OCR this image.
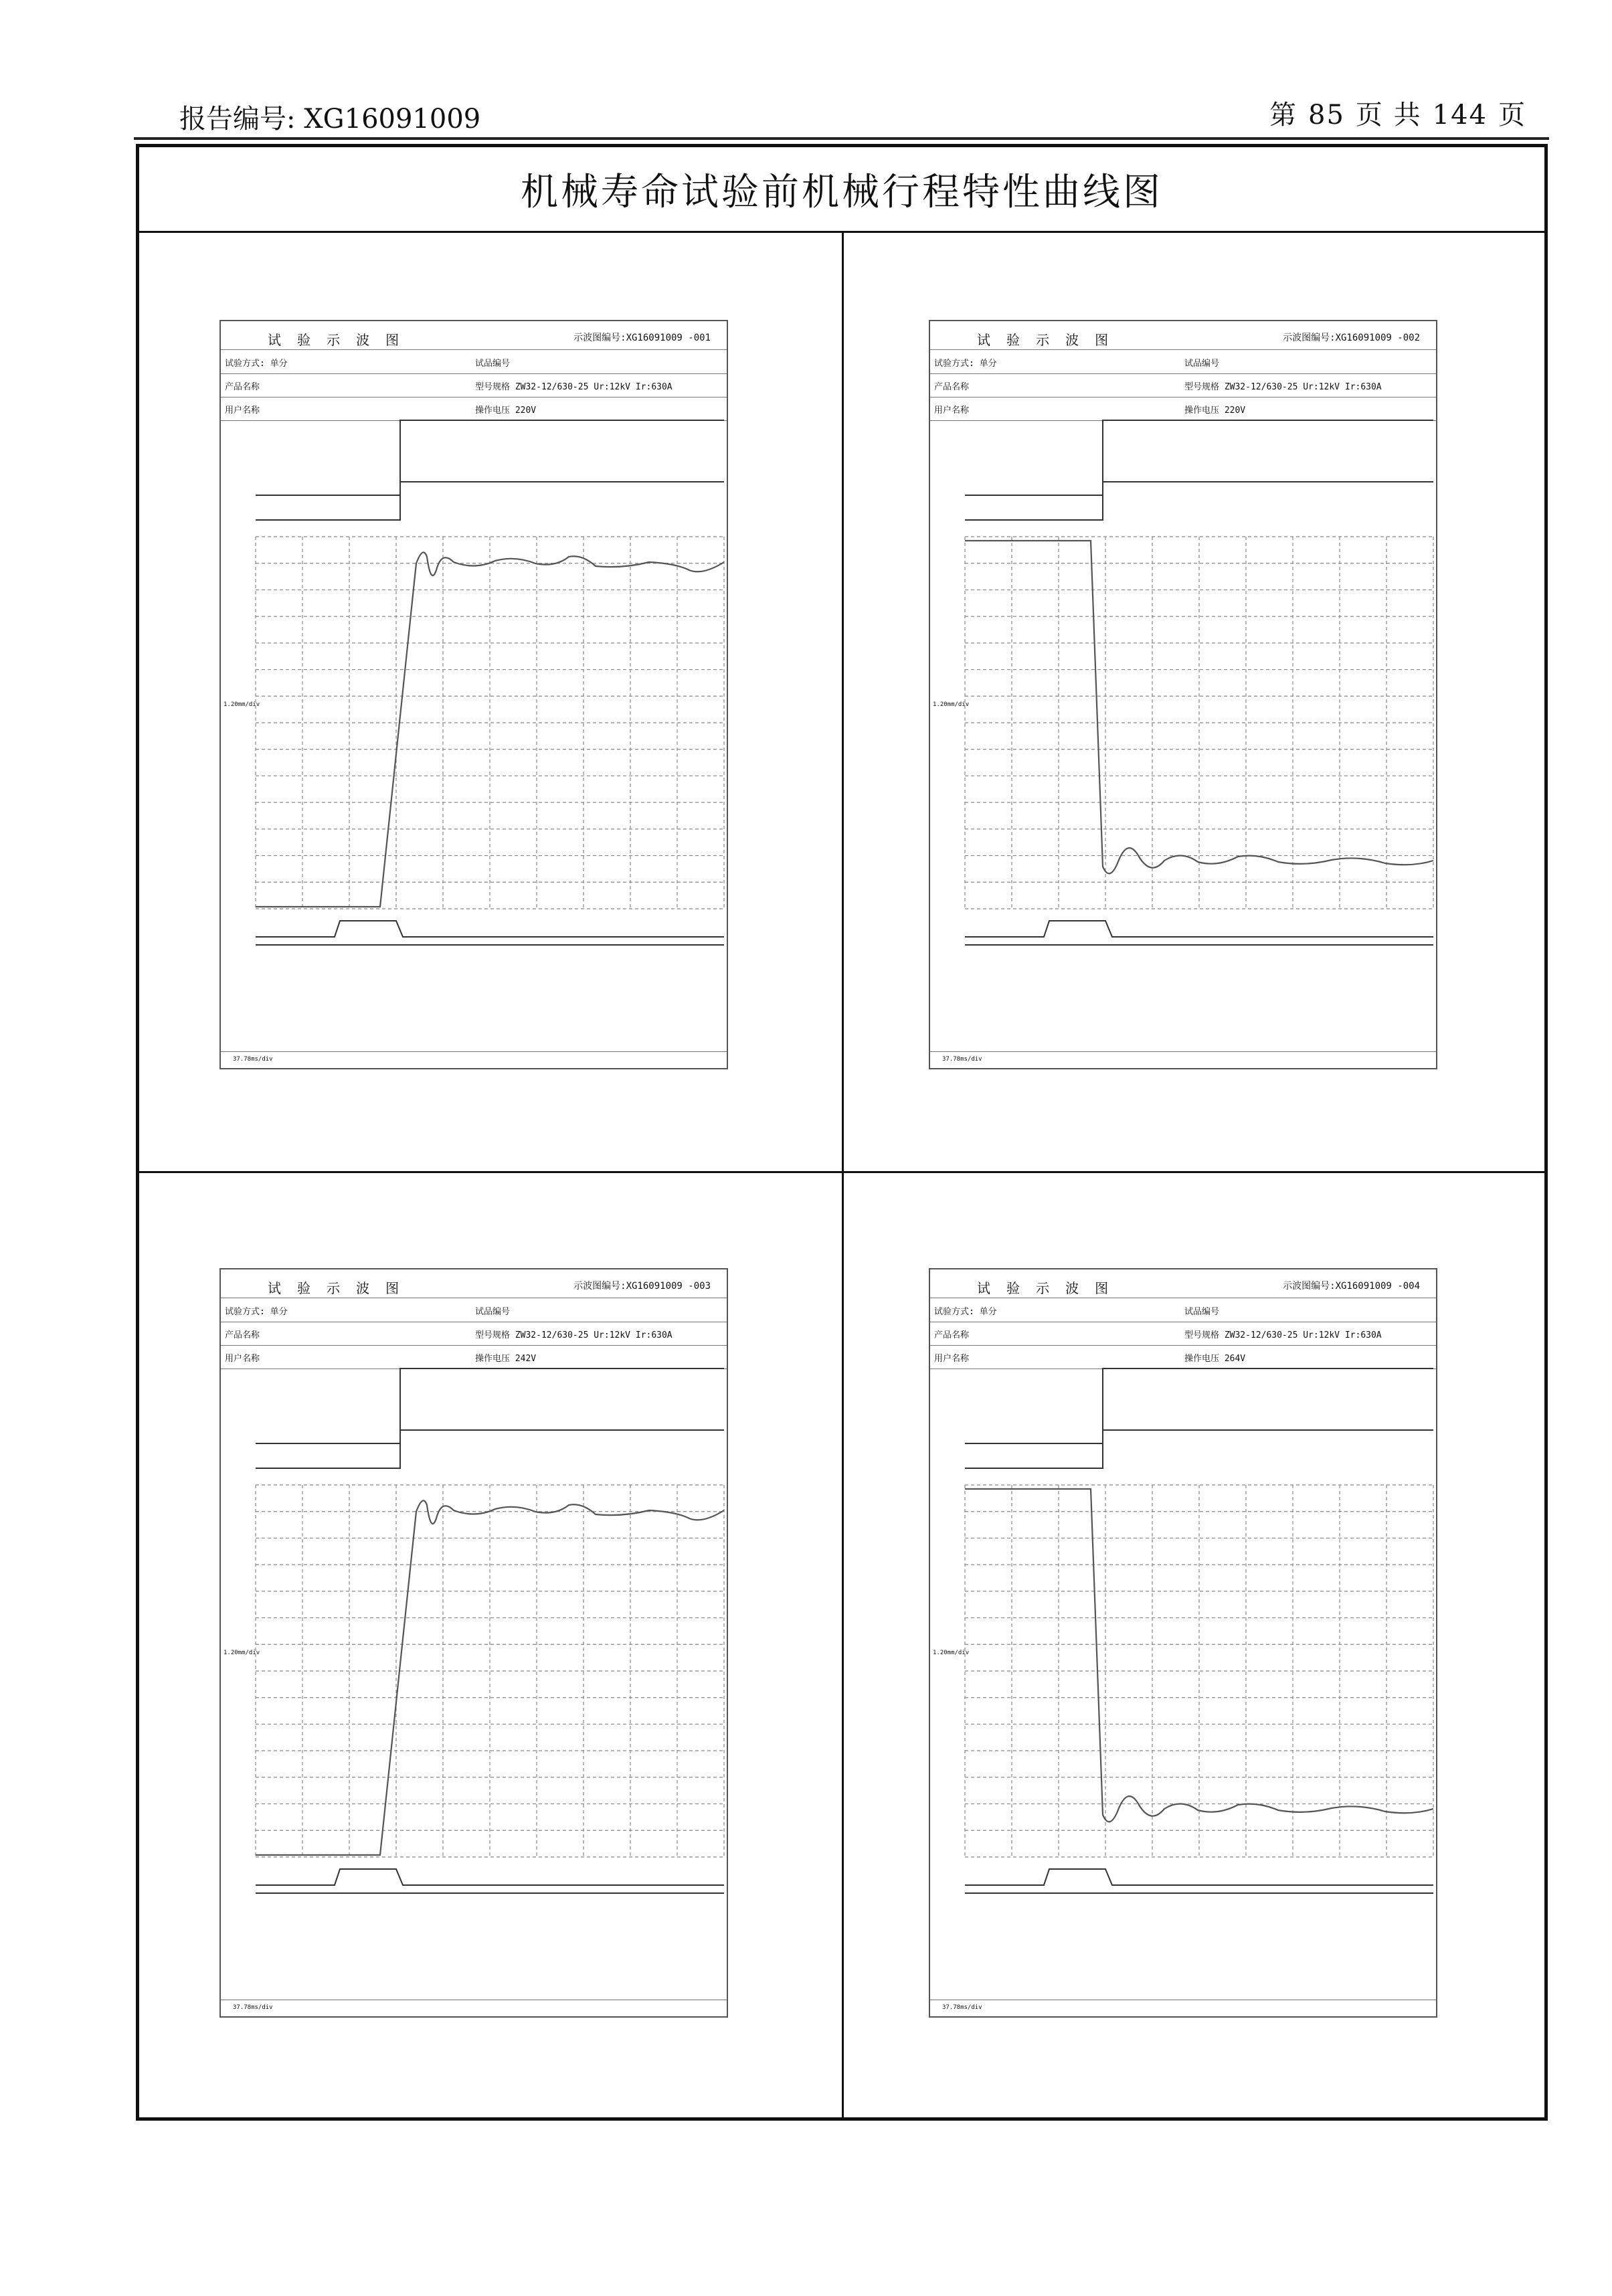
报告编号: XG16091009	第 85 页 共 144 页
机械寿命试验前机械行程特性曲线图
试 验 示 波 图	示波图编号:XG16091009 -001
试验方式: 单分	试品编号
产品名称	型号规格 ZW32-12/630-25 Ur:12kV Ir:630A
用户名称	操作电压 220V
1.20mm/div
37.78ms/div
试 验 示 波 图	示波图编号:XG16091009 -002
试验方式: 单分	试品编号
产品名称	型号规格 ZW32-12/630-25 Ur:12kV Ir:630A
用户名称	操作电压 220V
1.20mm/div
37.78ms/div
试 验 示 波 图	示波图编号:XG16091009 -003
试验方式: 单分	试品编号
产品名称	型号规格 ZW32-12/630-25 Ur:12kV Ir:630A
用户名称	操作电压 242V
1.20mm/div
37.78ms/div
试 验 示 波 图	示波图编号:XG16091009 -004
试验方式: 单分	试品编号
产品名称	型号规格 ZW32-12/630-25 Ur:12kV Ir:630A
用户名称	操作电压 264V
1.20mm/div
37.78ms/div
